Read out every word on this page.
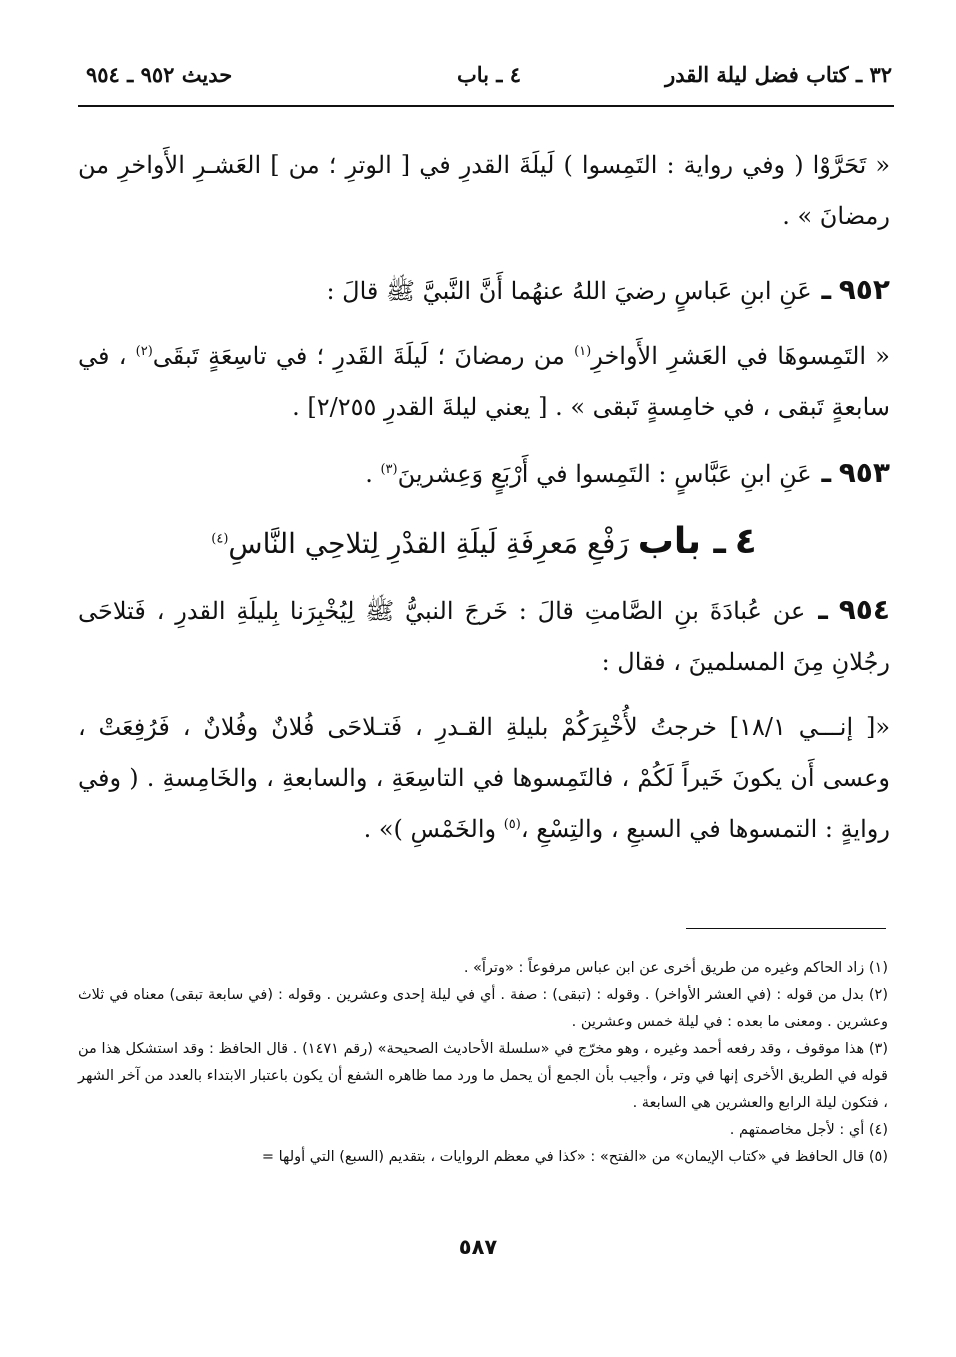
٣٢ ـ كتاب فضل ليلة القدر
٤ ـ باب
حديث ٩٥٢ ـ ٩٥٤

« تَحَرَّوْا ( وفي رواية : التَمِسوا ) لَيلَةَ القدرِ في [ الوترِ ؛ من ] العَشـرِ الأَواخرِ من رمضانَ » .

٩٥٢ ـ عَنِ ابنِ عَباسٍ رضيَ اللهُ عنهُما أَنَّ النَّبيَّ ﷺ قالَ :

« التَمِسوهَا في العَشرِ الأَواخرِ$^{(١)}$ من رمضانَ ؛ لَيلَةَ القَدرِ ؛ في تاسِعَةٍ تَبقَى$^{(٢)}$ ، في سابعةٍ تَبقى ، في خامِسةٍ تَبقى » . [ يعني ليلةَ القدرِ ٢/٢٥٥] .

٩٥٣ ـ عَنِ ابنِ عَبَّاسٍ : التَمِسوا في أَرْبَعٍ وَعِشرينَ$^{(٣)}$ .

٤ ـ باب رَفْعِ مَعرِفَةِ لَيلَةِ القدْرِ لِتلاحِي النَّاسِ$^{(٤)}$

٩٥٤ ـ عن عُبادَةَ بنِ الصَّامتِ قالَ : خَرجَ النبيُّ ﷺ لِيُخْبِرَنا بِليلَةِ القدرِ ، فَتلاحَى رجُلانِ مِنَ المسلمينَ ، فقال :

«[ إنـــي ١٨/١] خرجتُ لأُخْبِرَكُمْ بليلةِ القـدرِ ، فَتـلاحَى فُلانٌ وفُلانٌ ، فَرُفِعَتْ ، وعسى أَن يكونَ خَيراً لَكُمْ ، فالتَمِسوها في التاسِعَةِ ، والسابعةِ ، والخَامِسةِ . ( وفي روايةٍ : التمسوها في السبعِ ، والتِسْعِ ،$^{(٥)}$ والخَمْسِ )» .

(١) زاد الحاكم وغيره من طريق أخرى عن ابن عباس مرفوعاً : «وتراً» .

(٢) بدل من قوله : (في العشر الأواخر) . وقوله : (تبقى) : صفة . أي في ليلة إحدى وعشرين . وقوله : (في سابعة تبقى) معناه في ثلاث وعشرين . ومعنى ما بعده : في ليلة خمس وعشرين .

(٣) هذا موقوف ، وقد رفعه أحمد وغيره ، وهو مخرّج في «سلسلة الأحاديث الصحيحة» (رقم ١٤٧١) . قال الحافظ : وقد استشكل هذا من قوله في الطريق الأخرى إنها في وتر ، وأجيب بأن الجمع أن يحمل ما ورد مما ظاهره الشفع أن يكون باعتبار الابتداء بالعدد من آخر الشهر ، فتكون ليلة الرابع والعشرين هي السابعة .

(٤) أي : لأجل مخاصمتهم .

(٥) قال الحافظ في «كتاب الإيمان» من «الفتح» : «كذا في معظم الروايات ، بتقديم (السبع) التي أولها =

٥٨٧
